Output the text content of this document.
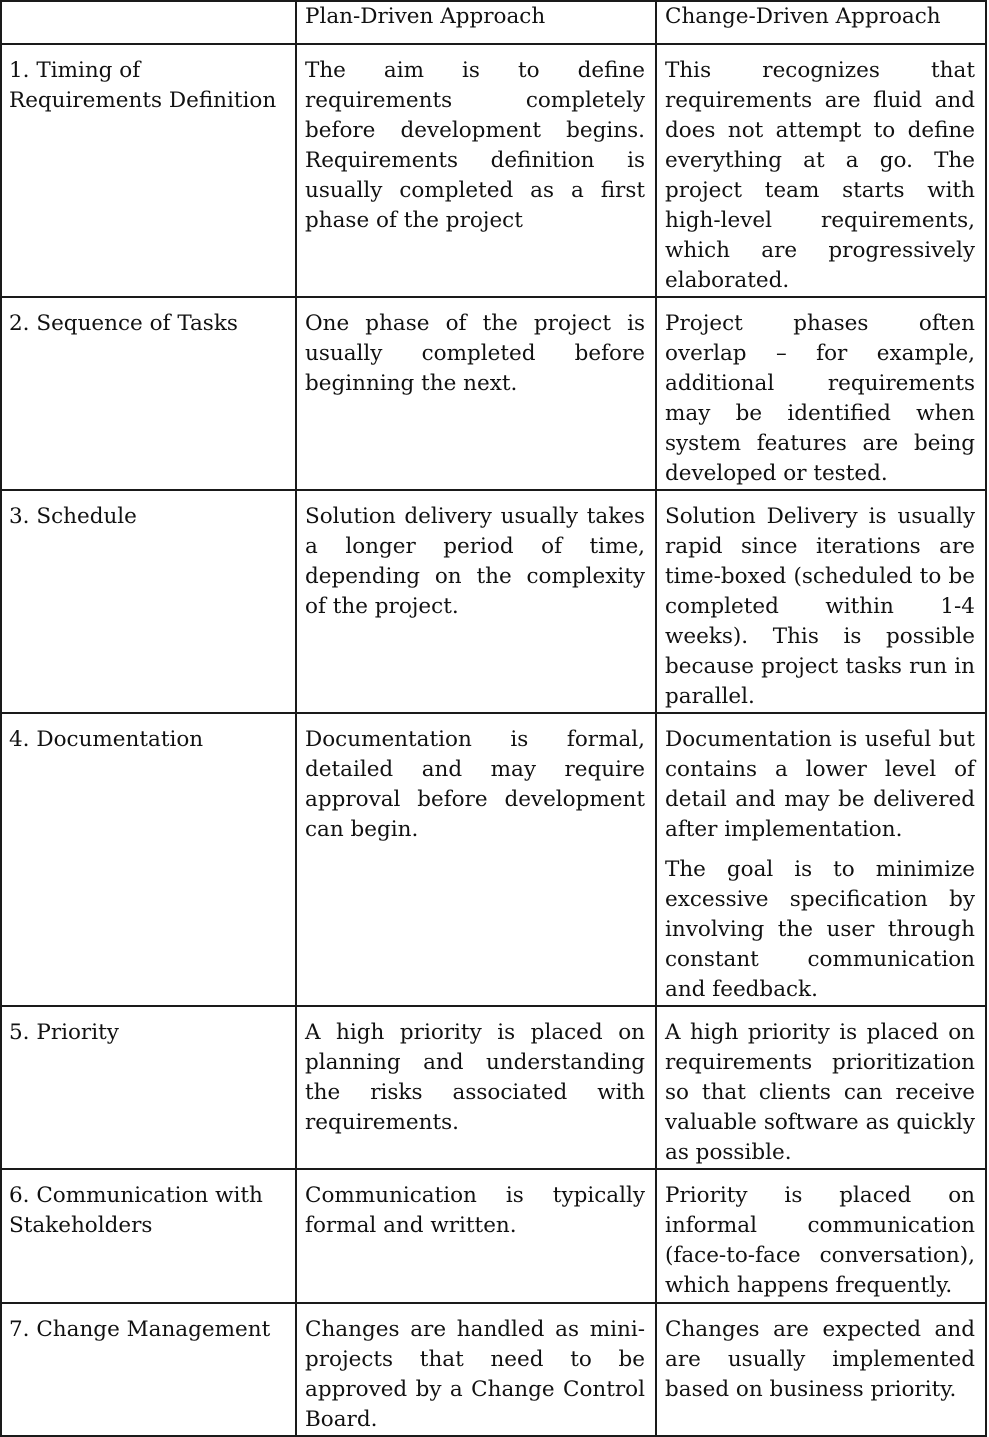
	Plan-Driven Approach	Change-Driven Approach

1. Timing of Requirements Definition	The aim is to define requirements completely before development begins. Requirements definition is usually completed as a first phase of the project	This recognizes that requirements are fluid and does not attempt to define everything at a go. The project team starts with high-level requirements, which are progressively elaborated.

2. Sequence of Tasks	One phase of the project is usually completed before beginning the next.	Project phases often overlap – for example, additional requirements may be identified when system features are being developed or tested.

3. Schedule	Solution delivery usually takes a longer period of time, depending on the complexity of the project.	Solution Delivery is usually rapid since iterations are time-boxed (scheduled to be completed within 1-4 weeks). This is possible because project tasks run in parallel.

4. Documentation	Documentation is formal, detailed and may require approval before development can begin.	Documentation is useful but contains a lower level of detail and may be delivered after implementation.
The goal is to minimize excessive specification by involving the user through constant communication and feedback.

5. Priority	A high priority is placed on planning and understanding the risks associated with requirements.	A high priority is placed on requirements prioritization so that clients can receive valuable software as quickly as possible.

6. Communication with Stakeholders	Communication is typically formal and written.	Priority is placed on informal communication (face-to-face conversation), which happens frequently.

7. Change Management	Changes are handled as mini-projects that need to be approved by a Change Control Board.	Changes are expected and are usually implemented based on business priority.
